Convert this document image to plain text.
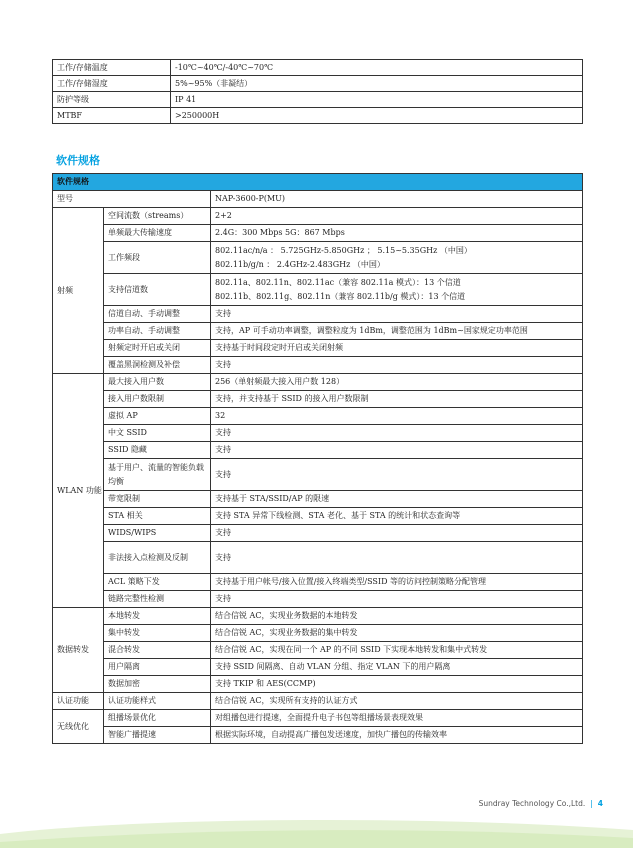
工作/存储温度	-10℃~40℃/-40℃~70℃
工作/存储湿度	5%~95%（非凝结）
防护等级	IP 41
MTBF	>250000H
软件规格
软件规格		
型号		NAP-3600-P(MU)
射频	空间流数（streams）	2+2
	单频最大传输速度	2.4G：300 Mbps 5G：867 Mbps
	工作频段	802.11ac/n/a ： 5.725GHz-5.850GHz ； 5.15~5.35GHz （中国）
802.11b/g/n ： 2.4GHz-2.483GHz （中国）

	支持信道数	802.11a、802.11n、802.11ac（兼容 802.11a 模式）：13 个信道
802.11b、802.11g、802.11n（兼容 802.11b/g 模式）：13 个信道

	信道自动、手动调整	支持
	功率自动、手动调整	支持，AP 可手动功率调整，调整粒度为 1dBm，调整范围为 1dBm~国家规定功率范围
	射频定时开启或关闭	支持基于时间段定时开启或关闭射频
	覆盖黑洞检测及补偿	支持
WLAN 功能	最大接入用户数	256（单射频最大接入用户数 128）
	接入用户数限制	支持，并支持基于 SSID 的接入用户数限制
	虚拟 AP	32
	中文 SSID	支持
	SSID 隐藏	支持
	基于用户、流量的智能负载均衡	支持
	带宽限制	支持基于 STA/SSID/AP 的限速
	STA 相关	支持 STA 异常下线检测、STA 老化、基于 STA 的统计和状态查询等
	WIDS/WIPS	支持
	非法接入点检测及反制	支持
	ACL 策略下发	支持基于用户帐号/接入位置/接入终端类型/SSID 等的访问控制策略分配管理
	链路完整性检测	支持
数据转发	本地转发	结合信锐 AC，实现业务数据的本地转发
	集中转发	结合信锐 AC，实现业务数据的集中转发
	混合转发	结合信锐 AC，实现在同一个 AP 的不同 SSID 下实现本地转发和集中式转发
	用户隔离	支持 SSID 间隔离、自动 VLAN 分组、指定 VLAN 下的用户隔离
	数据加密	支持 TKIP 和 AES(CCMP)
认证功能	认证功能样式	结合信锐 AC，实现所有支持的认证方式
无线优化	组播场景优化	对组播包进行提速，全面提升电子书包等组播场景表现效果
	智能广播提速	根据实际环境，自动提高广播包发送速度，加快广播包的传输效率
Sundray Technology Co.,Ltd. | 4
